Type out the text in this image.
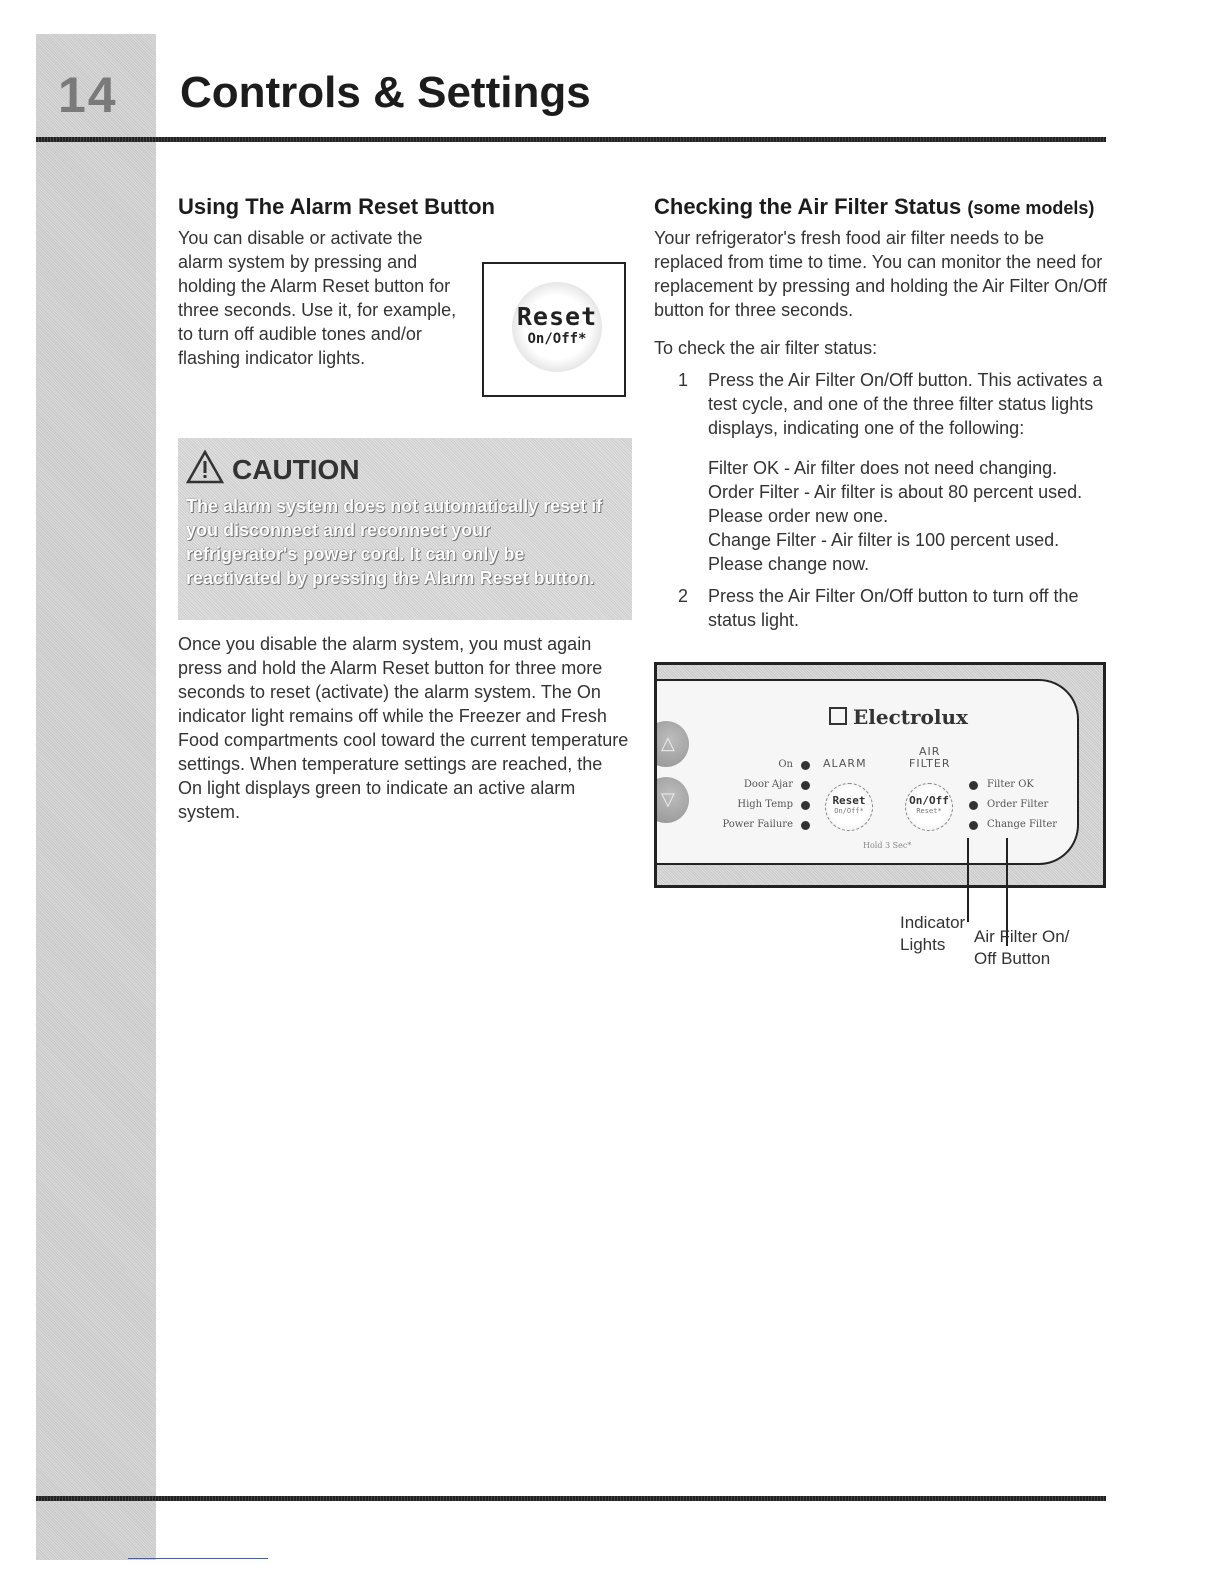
14 Controls & Settings
Using The Alarm Reset Button

You can disable or activate the alarm system by pressing and holding the Alarm Reset button for three seconds. Use it, for example, to turn off audible tones and/or flashing indicator lights.

Reset
On/Off*
CAUTION
The alarm system does not automatically reset if you disconnect and reconnect your refrigerator's power cord. It can only be reactivated by pressing the Alarm Reset button.

Once you disable the alarm system, you must again press and hold the Alarm Reset button for three more seconds to reset (activate) the alarm system. The On indicator light remains off while the Freezer and Fresh Food compartments cool toward the current temperature settings. When temperature settings are reached, the On light displays green to indicate an active alarm system.

Checking the Air Filter Status (some models)

Your refrigerator's fresh food air filter needs to be replaced from time to time. You can monitor the need for replacement by pressing and holding the Air Filter On/Off button for three seconds.

To check the air filter status:

1	Press the Air Filter On/Off button. This activates a test cycle, and one of the three filter status lights displays, indicating one of the following:

Filter OK - Air filter does not need changing.

Order Filter - Air filter is about 80 percent used. Please order new one.

Change Filter - Air filter is 100 percent used. Please change now.

2	Press the Air Filter On/Off button to turn off the status light.

Electrolux
△
▽
ALARM
AIR
FILTER
On
Door Ajar
High Temp
Power Failure
Reset
On/Off*
On/Off
Reset*
Filter OK
Order Filter
Change Filter
Hold 3 Sec*
Indicator Lights	Air Filter On/ Off Button
